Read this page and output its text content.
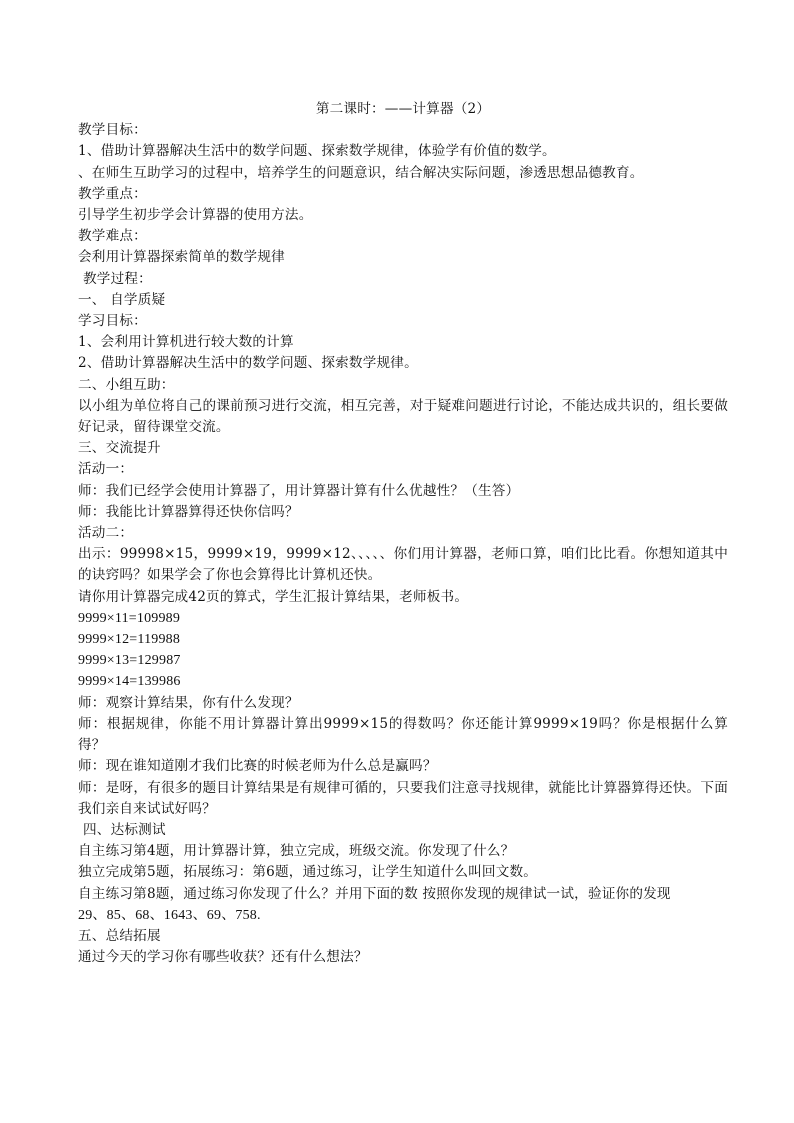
第二课时：——计算器（2）
教学目标：
1、借助计算器解决生活中的数学问题、探索数学规律，体验学有价值的数学。
、在师生互助学习的过程中，培养学生的问题意识，结合解决实际问题，渗透思想品德教育。
教学重点：
引导学生初步学会计算器的使用方法。
教学难点：
会利用计算器探索简单的数学规律
教学过程：
一、 自学质疑
学习目标：
1、会利用计算机进行较大数的计算
2、借助计算器解决生活中的数学问题、探索数学规律。
二、小组互助：
以小组为单位将自己的课前预习进行交流，相互完善，对于疑难问题进行讨论，不能达成共识的，组长要做好记录，留待课堂交流。
三、交流提升
活动一：
师：我们已经学会使用计算器了，用计算器计算有什么优越性？（生答）
师：我能比计算器算得还快你信吗？
活动二：
出示：99998×15，9999×19，9999×12、、、、、你们用计算器，老师口算，咱们比比看。你想知道其中的诀窍吗？如果学会了你也会算得比计算机还快。
请你用计算器完成42页的算式，学生汇报计算结果，老师板书。
9999×11=109989
9999×12=119988
9999×13=129987
9999×14=139986
师：观察计算结果，你有什么发现？
师：根据规律，你能不用计算器计算出9999×15的得数吗？你还能计算9999×19吗？你是根据什么算得？
师：现在谁知道刚才我们比赛的时候老师为什么总是赢吗？
师：是呀，有很多的题目计算结果是有规律可循的，只要我们注意寻找规律，就能比计算器算得还快。下面我们亲自来试试好吗？
四、达标测试
自主练习第4题，用计算器计算，独立完成，班级交流。你发现了什么？
独立完成第5题，拓展练习：第6题，通过练习，让学生知道什么叫回文数。
自主练习第8题，通过练习你发现了什么？并用下面的数 按照你发现的规律试一试，验证你的发现
29、85、68、1643、69、758.
五、总结拓展
通过今天的学习你有哪些收获？还有什么想法？
